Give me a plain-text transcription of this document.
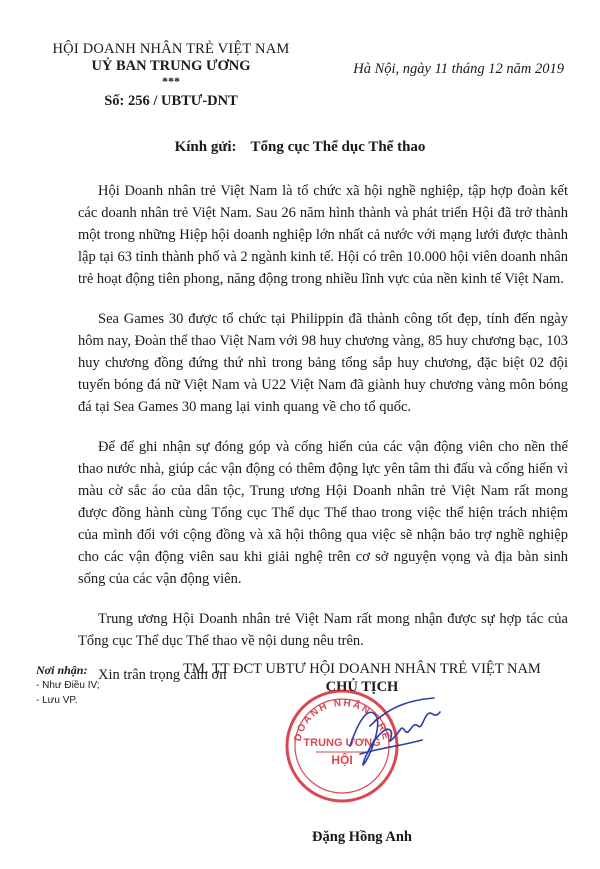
HỘI DOANH NHÂN TRẺ VIỆT NAM
UỶ BAN TRUNG ƯƠNG
***
Số: 256 / UBTƯ-DNT
Hà Nội, ngày 11 tháng 12 năm 2019
Kính gửi: Tổng cục Thể dục Thể thao

Hội Doanh nhân trẻ Việt Nam là tổ chức xã hội nghề nghiệp, tập hợp đoàn kết các doanh nhân trẻ Việt Nam. Sau 26 năm hình thành và phát triển Hội đã trở thành một trong những Hiệp hội doanh nghiệp lớn nhất cả nước với mạng lưới được thành lập tại 63 tỉnh thành phố và 2 ngành kinh tế. Hội có trên 10.000 hội viên doanh nhân trẻ hoạt động tiên phong, năng động trong nhiều lĩnh vực của nền kinh tế Việt Nam.

Sea Games 30 được tổ chức tại Philippin đã thành công tốt đẹp, tính đến ngày hôm nay, Đoàn thể thao Việt Nam với 98 huy chương vàng, 85 huy chương bạc, 103 huy chương đồng đứng thứ nhì trong bảng tổng sắp huy chương, đặc biệt 02 đội tuyển bóng đá nữ Việt Nam và U22 Việt Nam đã giành huy chương vàng môn bóng đá tại Sea Games 30 mang lại vinh quang về cho tổ quốc.

Để để ghi nhận sự đóng góp và cống hiến của các vận động viên cho nền thể thao nước nhà, giúp các vận động có thêm động lực yên tâm thi đấu và cống hiến vì màu cờ sắc áo của dân tộc, Trung ương Hội Doanh nhân trẻ Việt Nam rất mong được đồng hành cùng Tổng cục Thể dục Thể thao trong việc thể hiện trách nhiệm của mình đối với cộng đồng và xã hội thông qua việc sẽ nhận bảo trợ nghề nghiệp cho các vận động viên sau khi giải nghệ trên cơ sở nguyện vọng và địa bàn sinh sống của các vận động viên.

Trung ương Hội Doanh nhân trẻ Việt Nam rất mong nhận được sự hợp tác của Tổng cục Thể dục Thể thao về nội dung nêu trên.

Xin trân trọng cảm ơn

Nơi nhận:
- Như Điều IV;
- Lưu VP.
TM. TT ĐCT UBTƯ HỘI DOANH NHÂN TRẺ VIỆT NAM
CHỦ TỊCH
DOANH NHÂN TRẺ
TRUNG ƯƠNG
HỘI
Đặng Hồng Anh
